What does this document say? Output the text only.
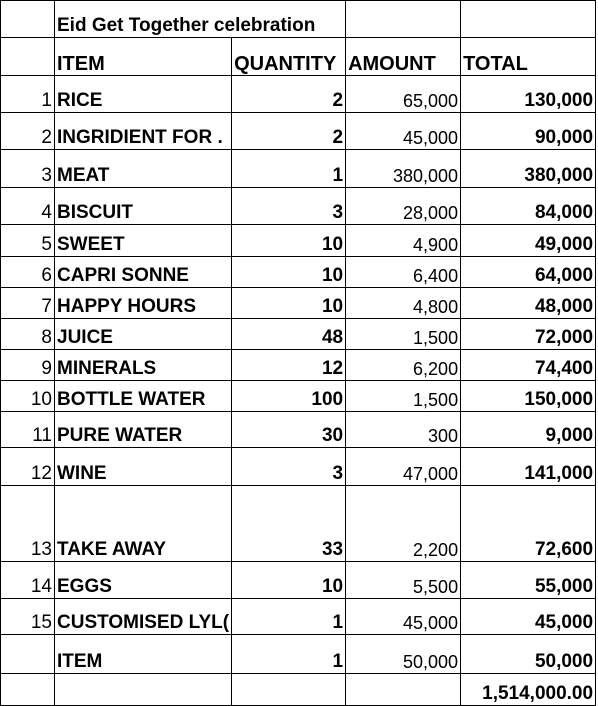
	Eid Get Together celebration			
	ITEM	QUANTITY	AMOUNT	TOTAL
1	RICE	2	65,000	130,000
2	INGRIDIENT FOR .	2	45,000	90,000
3	MEAT	1	380,000	380,000
4	BISCUIT	3	28,000	84,000
5	SWEET	10	4,900	49,000
6	CAPRI SONNE	10	6,400	64,000
7	HAPPY HOURS	10	4,800	48,000
8	JUICE	48	1,500	72,000
9	MINERALS	12	6,200	74,400
10	BOTTLE WATER	100	1,500	150,000
11	PURE WATER	30	300	9,000
12	WINE	3	47,000	141,000
13	TAKE AWAY	33	2,200	72,600
14	EGGS	10	5,500	55,000
15	CUSTOMISED LYL(	1	45,000	45,000
	ITEM	1	50,000	50,000
				1,514,000.00
